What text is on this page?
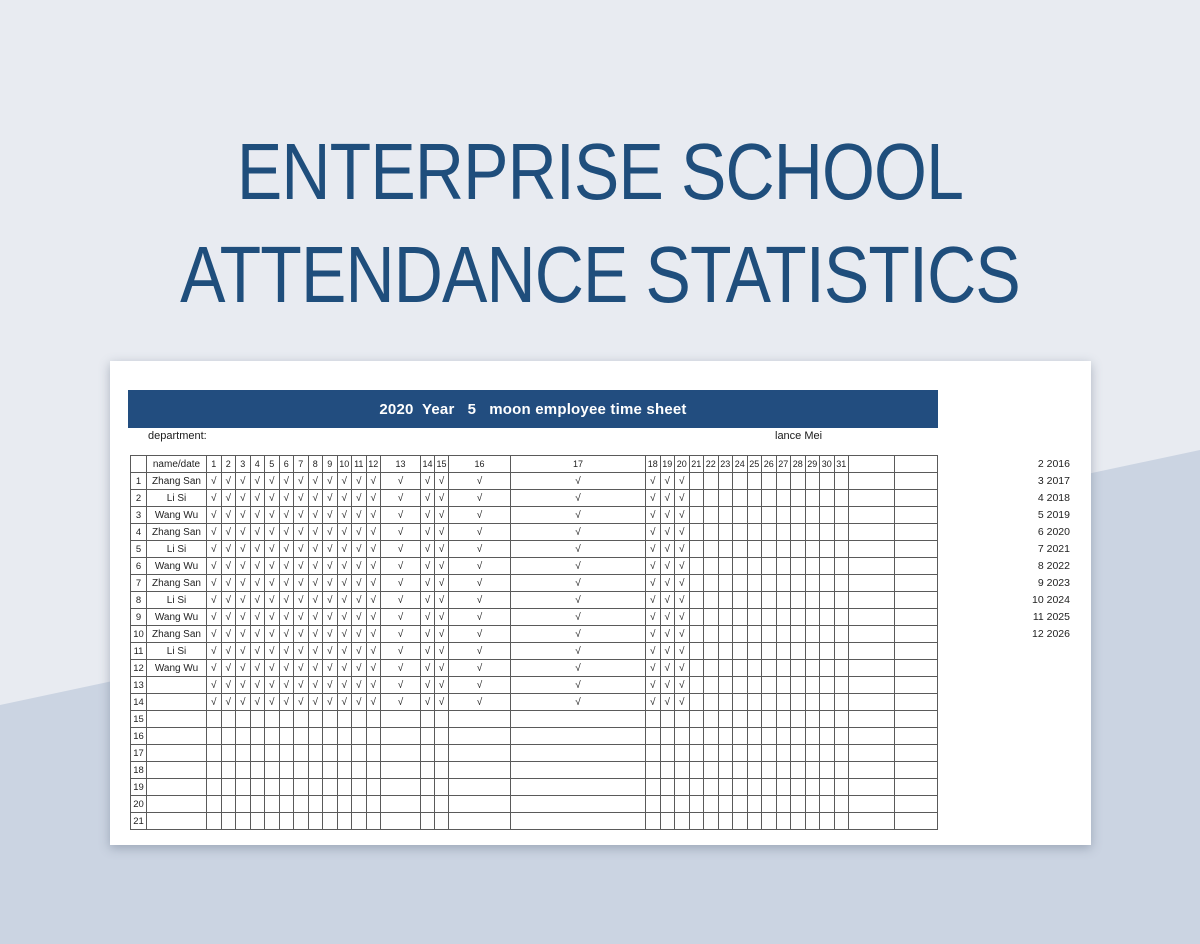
ENTERPRISE SCHOOL
ATTENDANCE STATISTICS
2020  Year   5   moon employee time sheet
department:	lance Mei
	name/date	1	2	3	4	5	6	7	8	9	10	11	12	13	14	15	16	17	18	19	20	21	22	23	24	25	26	27	28	29	30	31		
1	Zhang San	√	√	√	√	√	√	√	√	√	√	√	√	√	√	√	√	√	√	√	√													
2	Li Si	√	√	√	√	√	√	√	√	√	√	√	√	√	√	√	√	√	√	√	√													
3	Wang Wu	√	√	√	√	√	√	√	√	√	√	√	√	√	√	√	√	√	√	√	√													
4	Zhang San	√	√	√	√	√	√	√	√	√	√	√	√	√	√	√	√	√	√	√	√													
5	Li Si	√	√	√	√	√	√	√	√	√	√	√	√	√	√	√	√	√	√	√	√													
6	Wang Wu	√	√	√	√	√	√	√	√	√	√	√	√	√	√	√	√	√	√	√	√													
7	Zhang San	√	√	√	√	√	√	√	√	√	√	√	√	√	√	√	√	√	√	√	√													
8	Li Si	√	√	√	√	√	√	√	√	√	√	√	√	√	√	√	√	√	√	√	√													
9	Wang Wu	√	√	√	√	√	√	√	√	√	√	√	√	√	√	√	√	√	√	√	√													
10	Zhang San	√	√	√	√	√	√	√	√	√	√	√	√	√	√	√	√	√	√	√	√													
11	Li Si	√	√	√	√	√	√	√	√	√	√	√	√	√	√	√	√	√	√	√	√													
12	Wang Wu	√	√	√	√	√	√	√	√	√	√	√	√	√	√	√	√	√	√	√	√													
13		√	√	√	√	√	√	√	√	√	√	√	√	√	√	√	√	√	√	√	√													
14		√	√	√	√	√	√	√	√	√	√	√	√	√	√	√	√	√	√	√	√													
15																																		
16																																		
17																																		
18																																		
19																																		
20																																		
21																																		
2 2016
3 2017
4 2018
5 2019
6 2020
7 2021
8 2022
9 2023
10 2024
11 2025
12 2026
